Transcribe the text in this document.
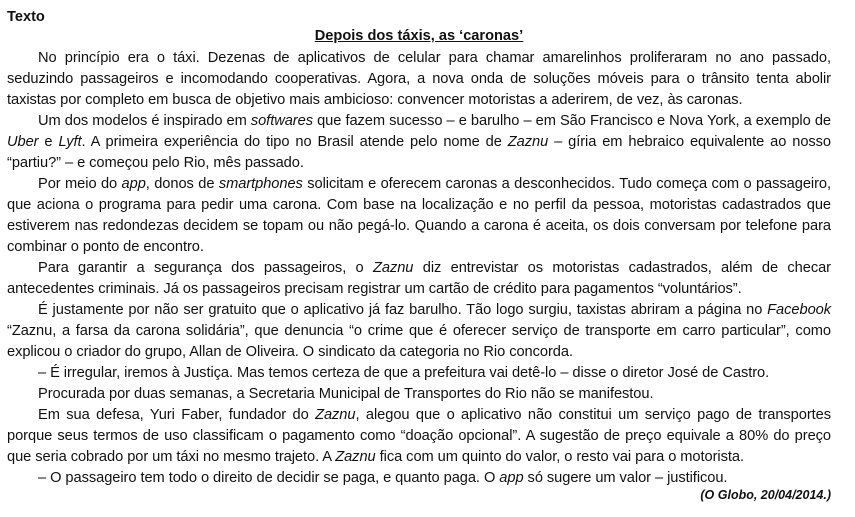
Texto
Depois dos táxis, as ‘caronas’

No princípio era o táxi. Dezenas de aplicativos de celular para chamar amarelinhos proliferaram no ano passado, seduzindo passageiros e incomodando cooperativas. Agora, a nova onda de soluções móveis para o trânsito tenta abolir taxistas por completo em busca de objetivo mais ambicioso: convencer motoristas a aderirem, de vez, às caronas.

Um dos modelos é inspirado em softwares que fazem sucesso – e barulho – em São Francisco e Nova York, a exemplo de Uber e Lyft. A primeira experiência do tipo no Brasil atende pelo nome de Zaznu – gíria em hebraico equivalente ao nosso “partiu?” – e começou pelo Rio, mês passado.

Por meio do app, donos de smartphones solicitam e oferecem caronas a desconhecidos. Tudo começa com o passageiro, que aciona o programa para pedir uma carona. Com base na localização e no perfil da pessoa, motoristas cadastrados que estiverem nas redondezas decidem se topam ou não pegá-lo. Quando a carona é aceita, os dois conversam por telefone para combinar o ponto de encontro.

Para garantir a segurança dos passageiros, o Zaznu diz entrevistar os motoristas cadastrados, além de checar antecedentes criminais. Já os passageiros precisam registrar um cartão de crédito para pagamentos “voluntários”.

É justamente por não ser gratuito que o aplicativo já faz barulho. Tão logo surgiu, taxistas abriram a página no Facebook “Zaznu, a farsa da carona solidária”, que denuncia “o crime que é oferecer serviço de transporte em carro particular”, como explicou o criador do grupo, Allan de Oliveira. O sindicato da categoria no Rio concorda.

– É irregular, iremos à Justiça. Mas temos certeza de que a prefeitura vai detê-lo – disse o diretor José de Castro.

Procurada por duas semanas, a Secretaria Municipal de Transportes do Rio não se manifestou.

Em sua defesa, Yuri Faber, fundador do Zaznu, alegou que o aplicativo não constitui um serviço pago de transportes porque seus termos de uso classificam o pagamento como “doação opcional”. A sugestão de preço equivale a 80% do preço que seria cobrado por um táxi no mesmo trajeto. A Zaznu fica com um quinto do valor, o resto vai para o motorista.

– O passageiro tem todo o direito de decidir se paga, e quanto paga. O app só sugere um valor – justificou.

(O Globo, 20/04/2014.)
